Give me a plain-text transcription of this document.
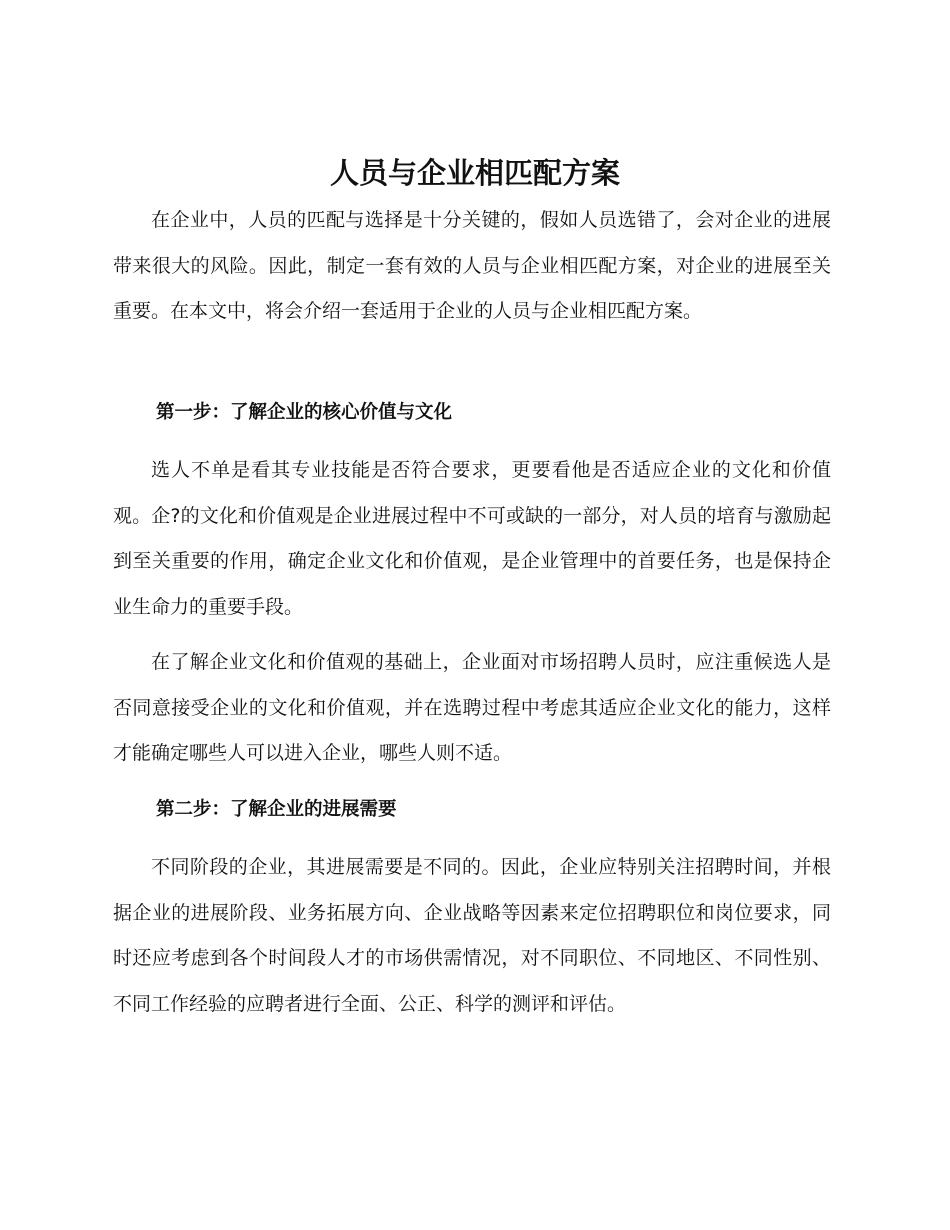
人员与企业相匹配方案

在企业中，人员的匹配与选择是十分关键的，假如人员选错了，会对企业的进展带来很大的风险。因此，制定一套有效的人员与企业相匹配方案，对企业的进展至关重要。在本文中，将会介绍一套适用于企业的人员与企业相匹配方案。

第一步：了解企业的核心价值与文化

选人不单是看其专业技能是否符合要求，更要看他是否适应企业的文化和价值观。企?的文化和价值观是企业进展过程中不可或缺的一部分，对人员的培育与激励起到至关重要的作用，确定企业文化和价值观，是企业管理中的首要任务，也是保持企业生命力的重要手段。

在了解企业文化和价值观的基础上，企业面对市场招聘人员时，应注重候选人是否同意接受企业的文化和价值观，并在选聘过程中考虑其适应企业文化的能力，这样才能确定哪些人可以进入企业，哪些人则不适。

第二步：了解企业的进展需要

不同阶段的企业，其进展需要是不同的。因此，企业应特别关注招聘时间，并根据企业的进展阶段、业务拓展方向、企业战略等因素来定位招聘职位和岗位要求，同时还应考虑到各个时间段人才的市场供需情况，对不同职位、不同地区、不同性别、不同工作经验的应聘者进行全面、公正、科学的测评和评估。
